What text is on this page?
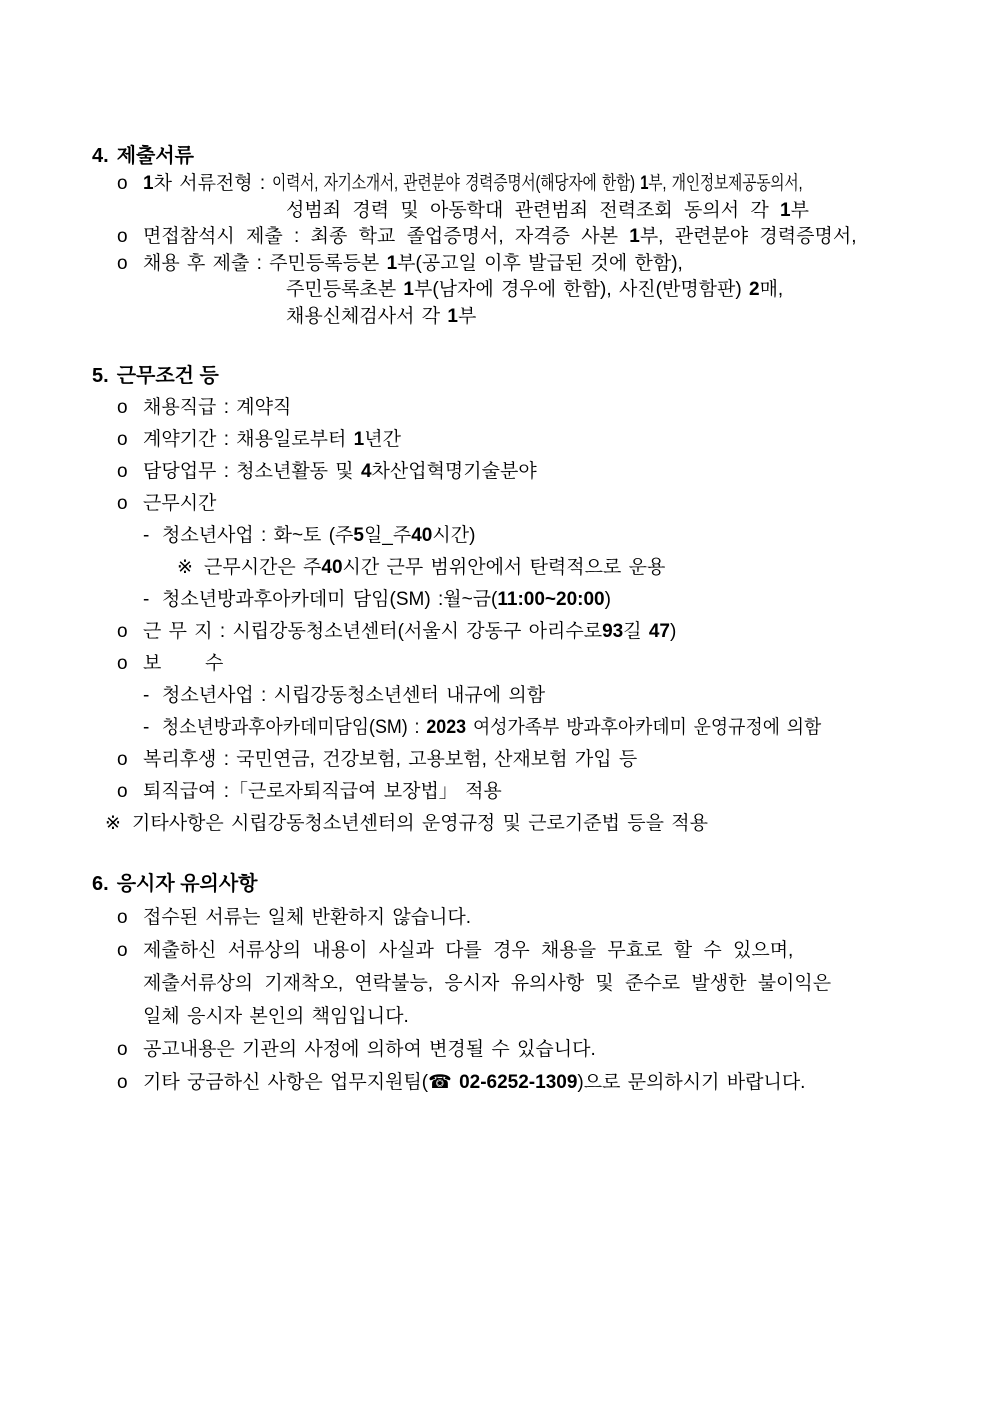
4. 제출서류
o 1차 서류전형 : 이력서, 자기소개서, 관련분야 경력증명서(해당자에 한함) 1부, 개인정보제공동의서,
성범죄 경력 및 아동학대 관련범죄 전력조회 동의서 각 1부
o 면접참석시 제출 : 최종 학교 졸업증명서, 자격증 사본 1부, 관련분야 경력증명서,
o 채용 후 제출 : 주민등록등본 1부(공고일 이후 발급된 것에 한함),
주민등록초본 1부(남자에 경우에 한함), 사진(반명함판) 2매,
채용신체검사서 각 1부
5. 근무조건 등
o 채용직급 : 계약직
o 계약기간 : 채용일로부터 1년간
o 담당업무 : 청소년활동 및 4차산업혁명기술분야
o 근무시간
- 청소년사업 : 화~토 (주5일_주40시간)
※ 근무시간은 주40시간 근무 범위안에서 탄력적으로 운용
- 청소년방과후아카데미 담임(SM) :월~금(11:00~20:00)
o 근 무 지 : 시립강동청소년센터(서울시 강동구 아리수로93길 47)
o 보      수
- 청소년사업 : 시립강동청소년센터 내규에 의함
- 청소년방과후아카데미담임(SM) : 2023 여성가족부 방과후아카데미 운영규정에 의함
o 복리후생 : 국민연금, 건강보험, 고용보험, 산재보험 가입 등
o 퇴직급여 :「근로자퇴직급여 보장법」 적용
※ 기타사항은 시립강동청소년센터의 운영규정 및 근로기준법 등을 적용
6. 응시자 유의사항
o 접수된 서류는 일체 반환하지 않습니다.
o 제출하신 서류상의 내용이 사실과 다를 경우 채용을 무효로 할 수 있으며,
제출서류상의 기재착오, 연락불능, 응시자 유의사항 및 준수로 발생한 불이익은
일체 응시자 본인의 책임입니다.
o 공고내용은 기관의 사정에 의하여 변경될 수 있습니다.
o 기타 궁금하신 사항은 업무지원팀( ☎ 02-6252-1309)으로 문의하시기 바랍니다.
